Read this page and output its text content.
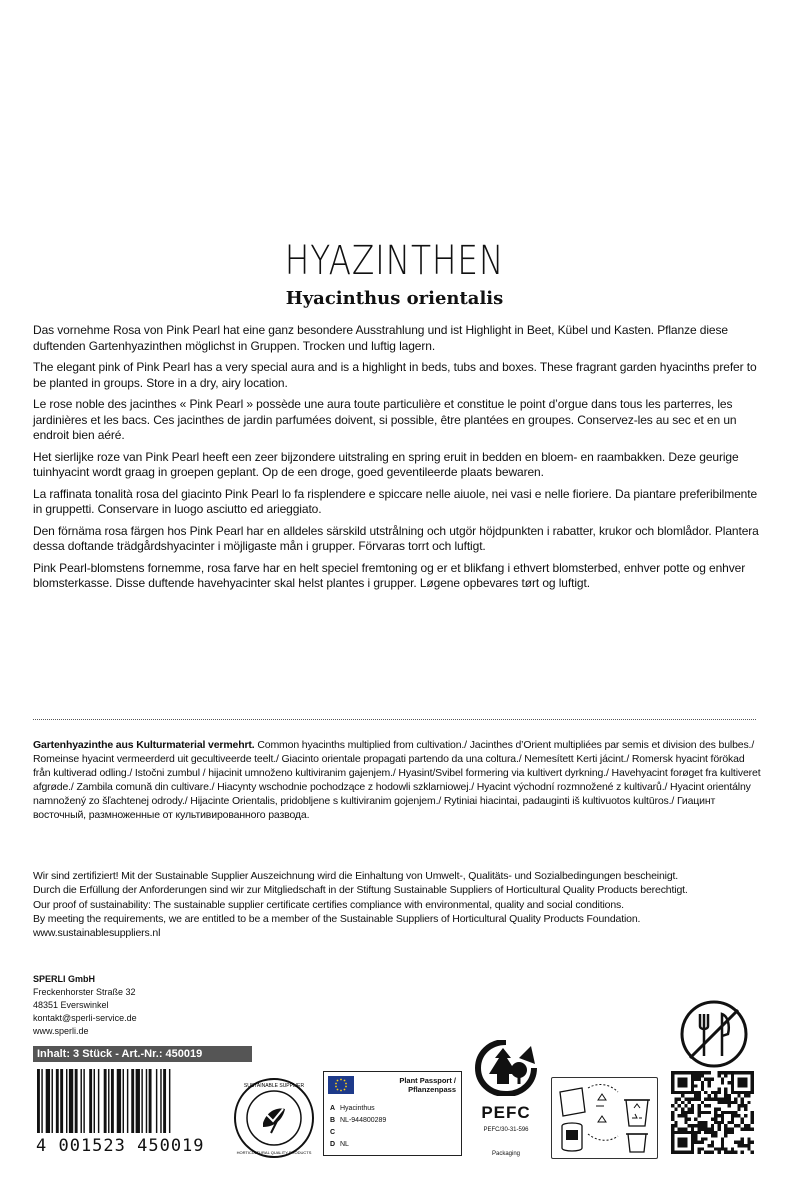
HYAZINTHEN
Hyacinthus orientalis

Das vornehme Rosa von Pink Pearl hat eine ganz besondere Ausstrahlung und ist Highlight in Beet, Kübel und Kasten. Pflanze diese duftenden Gartenhyazinthen möglichst in Gruppen. Trocken und luftig lagern.

The elegant pink of Pink Pearl has a very special aura and is a highlight in beds, tubs and boxes. These fragrant garden hyacinths prefer to be planted in groups. Store in a dry, airy location.

Le rose noble des jacinthes « Pink Pearl » possède une aura toute particulière et constitue le point d’orgue dans tous les parterres, les jardinières et les bacs. Ces jacinthes de jardin parfumées doivent, si possible, être plantées en groupes. Conservez-les au sec et en un endroit bien aéré.

Het sierlijke roze van Pink Pearl heeft een zeer bijzondere uitstraling en spring eruit in bedden en bloem- en raambakken. Deze geurige tuinhyacint wordt graag in groepen geplant. Op de een droge, goed geventileerde plaats bewaren.

La raffinata tonalità rosa del giacinto Pink Pearl lo fa risplendere e spiccare nelle aiuole, nei vasi e nelle fioriere. Da piantare preferibilmente in gruppetti. Conservare in luogo asciutto ed arieggiato.

Den förnäma rosa färgen hos Pink Pearl har en alldeles särskild utstrålning och utgör höjdpunkten i rabatter, krukor och blomlådor. Plantera dessa doftande trädgårdshyacinter i möjligaste mån i grupper. Förvaras torrt och luftigt.

Pink Pearl-blomstens fornemme, rosa farve har en helt speciel fremtoning og er et blikfang i ethvert blomsterbed, enhver potte og enhver blomsterkasse. Disse duftende havehyacinter skal helst plantes i grupper. Løgene opbevares tørt og luftigt.

Gartenhyazinthe aus Kulturmaterial vermehrt. Common hyacinths multiplied from cultivation./ Jacinthes d’Orient multipliées par semis et division des bulbes./ Romeinse hyacint vermeerderd uit gecultiveerde teelt./ Giacinto orientale propagati partendo da una coltura./ Nemesített Kerti jácint./ Romersk hyacint förökad från kultiverad odling./ Istočni zumbul / hijacinit umnoženo kultiviranim gajenjem./ Hyasint/Svibel formering via kultivert dyrkning./ Havehyacint forøget fra kultiveret afgrøde./ Zambila comună din cultivare./ Hiacynty wschodnie pochodzące z hodowli szklarniowej./ Hyacint východní rozmnožené z kultivarů./ Hyacint orientálny namnožený zo šľachtenej odrody./ Hijacinte Orientalis, pridobljene s kultiviranim gojenjem./ Rytiniai hiacintai, padauginti iš kultivuotos kultūros./ Гиацинт восточный, размноженные от культивированного развода.
Wir sind zertifiziert! Mit der Sustainable Supplier Auszeichnung wird die Einhaltung von Umwelt-, Qualitäts- und Sozialbedingungen bescheinigt.
Durch die Erfüllung der Anforderungen sind wir zur Mitgliedschaft in der Stiftung Sustainable Suppliers of Horticultural Quality Products berechtigt.
Our proof of sustainability: The sustainable supplier certificate certifies compliance with environmental, quality and social conditions.
By meeting the requirements, we are entitled to be a member of the Sustainable Suppliers of Horticultural Quality Products Foundation.
www.sustainablesuppliers.nl
SPERLI GmbH
Freckenhorster Straße 32
48351 Everswinkel
kontakt@sperli-service.de
www.sperli.de
Inhalt: 3 Stück - Art.-Nr.: 450019
4 001523 450019
SUSTAINABLE SUPPLIER
HORTICULTURAL QUALITY PRODUCTS
Plant Passport /
Pflanzenpass
A Hyacinthus
B NL-944800289
C
D NL
PEFC
PEFC/30-31-596
Packaging
